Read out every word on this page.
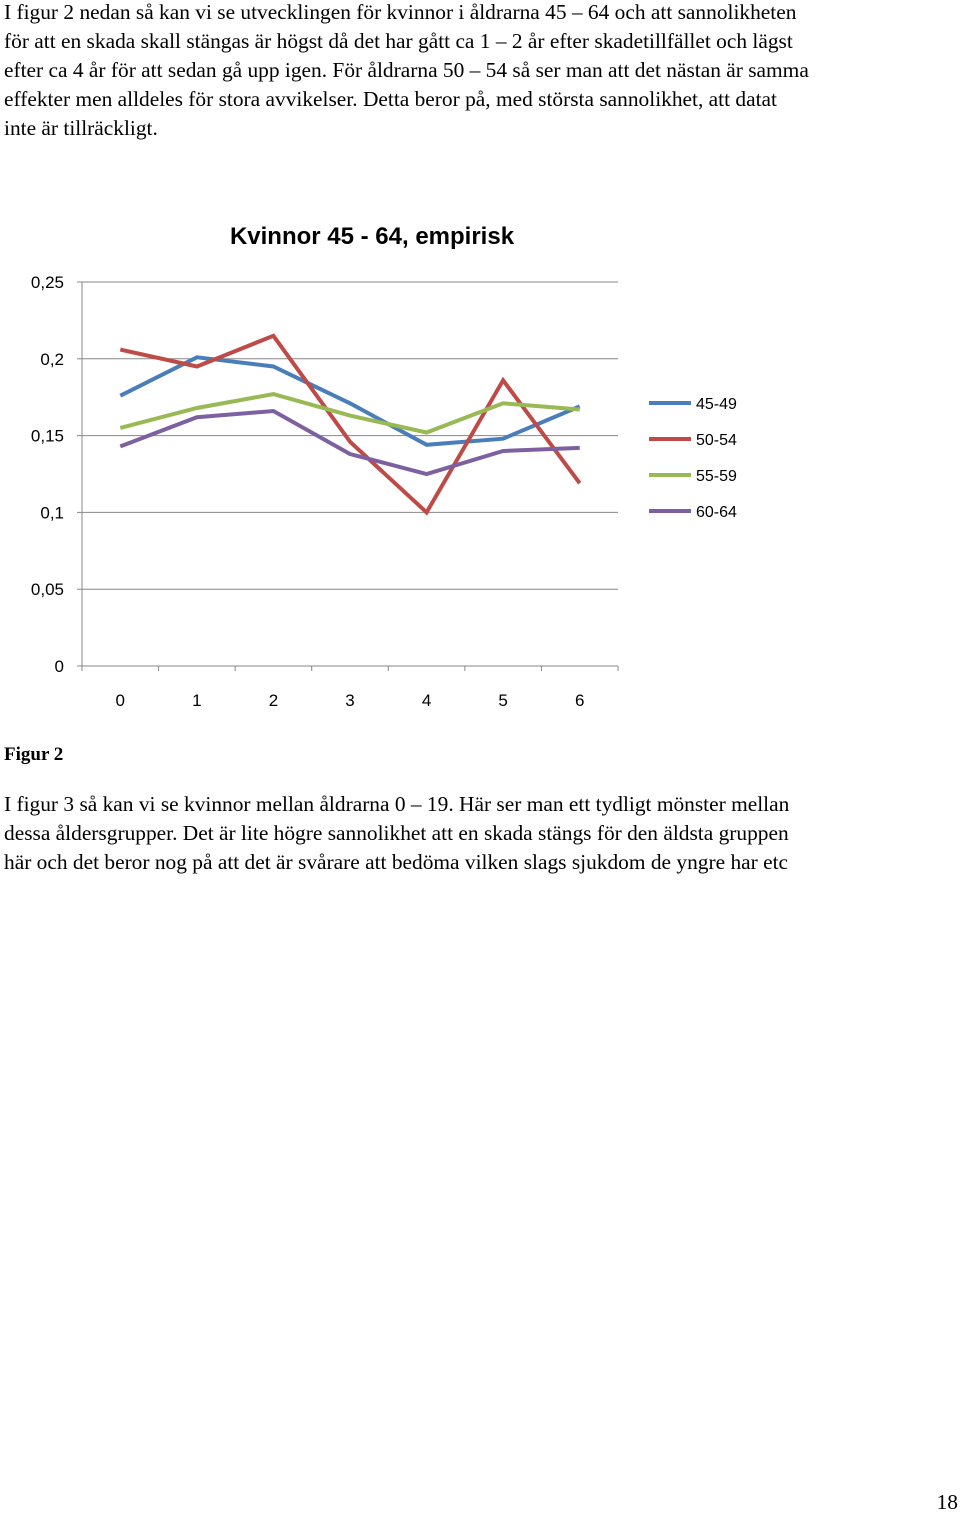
I figur 2 nedan så kan vi se utvecklingen för kvinnor i åldrarna 45 – 64 och att sannolikheten
för att en skada skall stängas är högst då det har gått ca 1 – 2 år efter skadetillfället och lägst
efter ca 4 år för att sedan gå upp igen. För åldrarna 50 – 54 så ser man att det nästan är samma
effekter men alldeles för stora avvikelser. Detta beror på, med största sannolikhet, att datat
inte är tillräckligt.

Kvinnor 45 - 64, empirisk
0
0,05
0,1
0,15
0,2
0,25
0	1	2	3	4	5	6
45-49
50-54
55-59
60-64

Figur 2

I figur 3 så kan vi se kvinnor mellan åldrarna 0 – 19. Här ser man ett tydligt mönster mellan
dessa åldersgrupper. Det är lite högre sannolikhet att en skada stängs för den äldsta gruppen
här och det beror nog på att det är svårare att bedöma vilken slags sjukdom de yngre har etc

18
